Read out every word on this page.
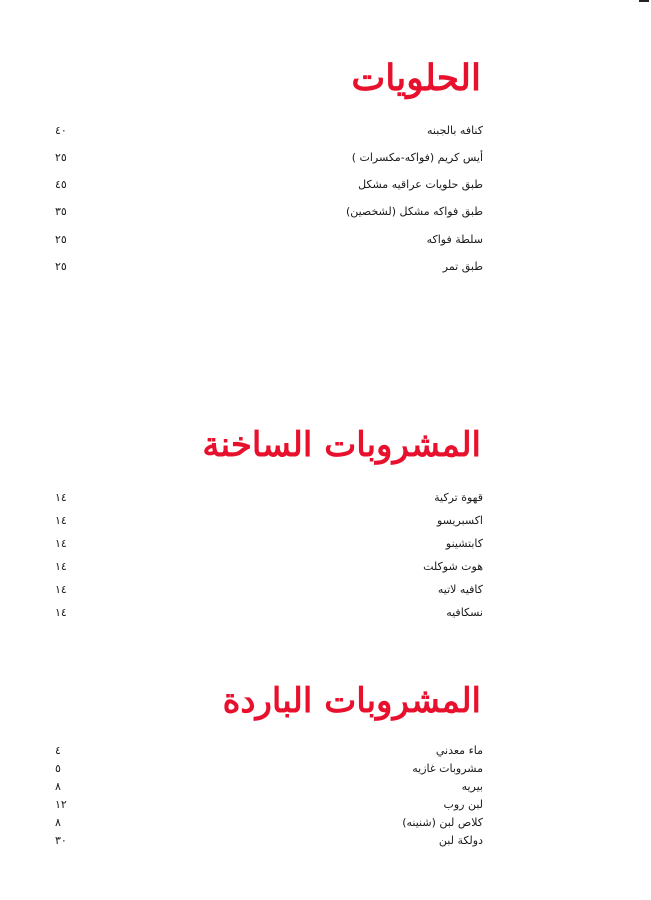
الحلويات
كنافه بالجبنه
٤٠
أيس كريم (فواكه-مكسرات )
٢٥
طبق حلويات عراقيه مشكل
٤٥
طبق فواكه مشكل (لشخصين)
٣٥
سلطة فواكه
٢٥
طبق تمر
٢٥
المشروبات الساخنة
قهوة تركية
١٤
اكسبريسو
١٤
كابتشينو
١٤
هوت شوكلت
١٤
كافيه لاتيه
١٤
نسكافيه
١٤
المشروبات الباردة
ماء معدني
٤
مشروبات غازيه
٥
بيريه
٨
لبن روب
١٢
كلاص لبن (شنينه)
٨
دولكة لبن
٣٠
